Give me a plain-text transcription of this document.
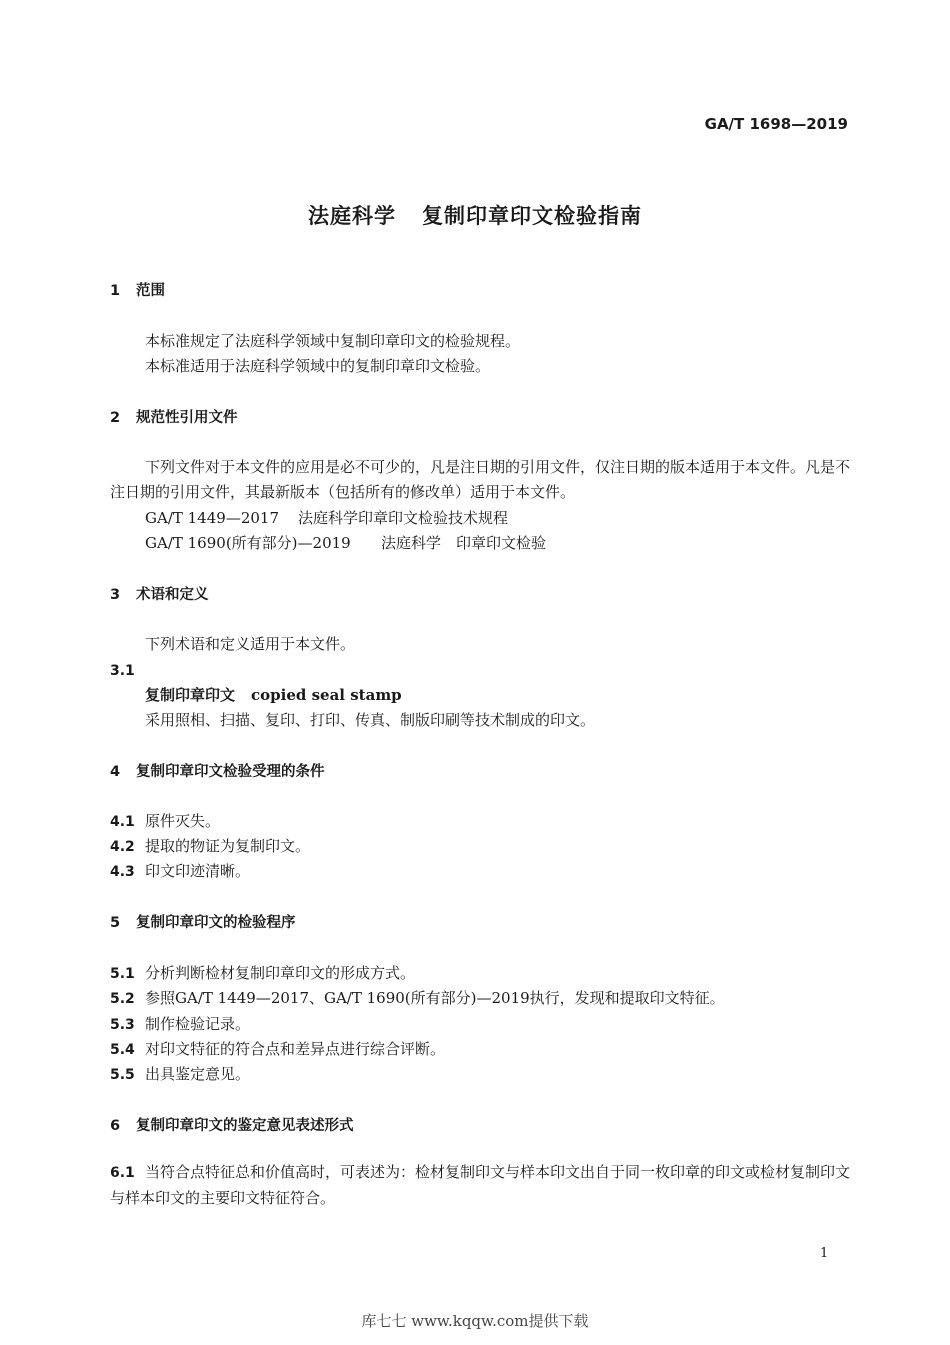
GA/T 1698—2019
法庭科学 复制印章印文检验指南
1 范围
本标准规定了法庭科学领域中复制印章印文的检验规程。
本标准适用于法庭科学领域中的复制印章印文检验。
2 规范性引用文件
下列文件对于本文件的应用是必不可少的，凡是注日期的引用文件，仅注日期的版本适用于本文件。凡是不注日期的引用文件，其最新版本（包括所有的修改单）适用于本文件。
GA/T 1449—2017 法庭科学印章印文检验技术规程
GA/T 1690(所有部分)—2019 法庭科学　印章印文检验
3 术语和定义
下列术语和定义适用于本文件。
3.1
复制印章印文 copied seal stamp
采用照相、扫描、复印、打印、传真、制版印刷等技术制成的印文。
4 复制印章印文检验受理的条件
4.1 原件灭失。
4.2 提取的物证为复制印文。
4.3 印文印迹清晰。
5 复制印章印文的检验程序
5.1 分析判断检材复制印章印文的形成方式。
5.2 参照GA/T 1449—2017、GA/T 1690(所有部分)—2019执行，发现和提取印文特征。
5.3 制作检验记录。
5.4 对印文特征的符合点和差异点进行综合评断。
5.5 出具鉴定意见。
6 复制印章印文的鉴定意见表述形式
6.1 当符合点特征总和价值高时，可表述为：检材复制印文与样本印文出自于同一枚印章的印文或检材复制印文与样本印文的主要印文特征符合。
1
库七七 www.kqqw.com提供下载
